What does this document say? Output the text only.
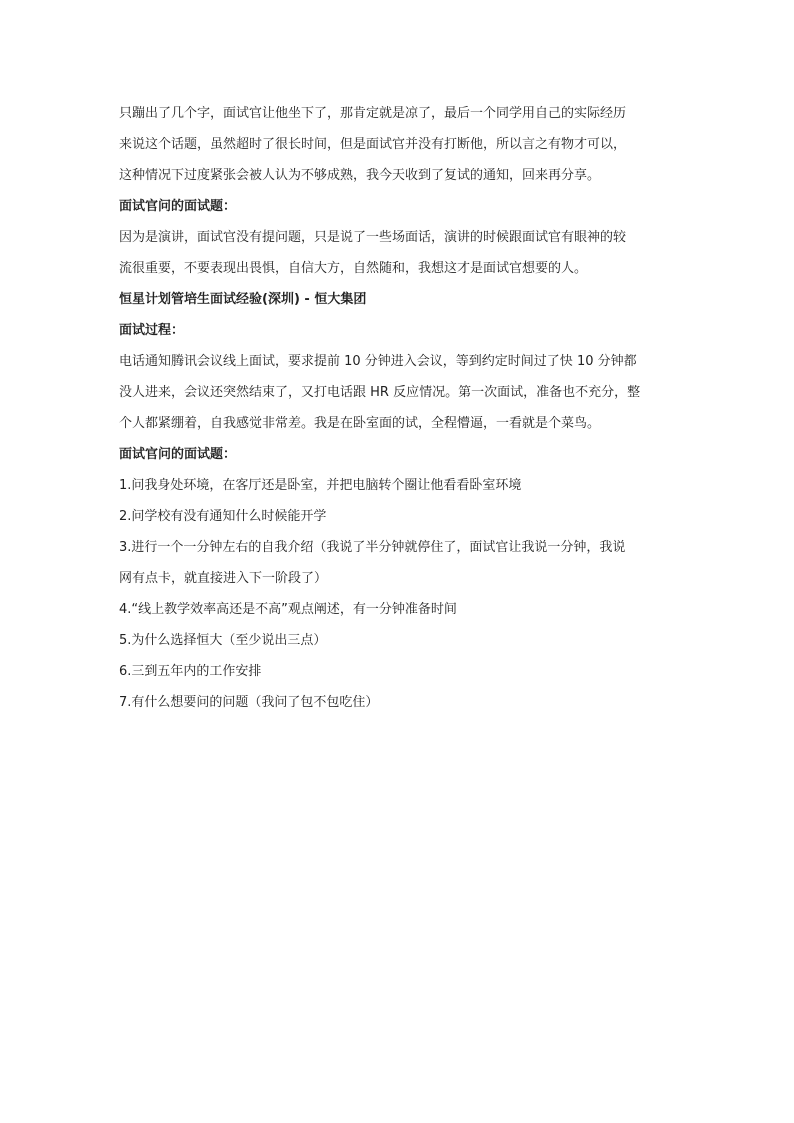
只蹦出了几个字，面试官让他坐下了，那肯定就是凉了，最后一个同学用自己的实际经历

来说这个话题，虽然超时了很长时间，但是面试官并没有打断他，所以言之有物才可以，

这种情况下过度紧张会被人认为不够成熟，我今天收到了复试的通知，回来再分享。

面试官问的面试题：

因为是演讲，面试官没有提问题，只是说了一些场面话，演讲的时候跟面试官有眼神的较

流很重要，不要表现出畏惧，自信大方，自然随和，我想这才是面试官想要的人。

恒星计划管培生面试经验(深圳) - 恒大集团

面试过程：

电话通知腾讯会议线上面试，要求提前 10 分钟进入会议，等到约定时间过了快 10 分钟都

没人进来，会议还突然结束了，又打电话跟 HR 反应情况。第一次面试，准备也不充分，整

个人都紧绷着，自我感觉非常差。我是在卧室面的试，全程懵逼，一看就是个菜鸟。

面试官问的面试题：

1.问我身处环境，在客厅还是卧室，并把电脑转个圈让他看看卧室环境

2.问学校有没有通知什么时候能开学

3.进行一个一分钟左右的自我介绍（我说了半分钟就停住了，面试官让我说一分钟，我说

网有点卡，就直接进入下一阶段了）

4.“线上教学效率高还是不高”观点阐述，有一分钟准备时间

5.为什么选择恒大（至少说出三点）

6.三到五年内的工作安排

7.有什么想要问的问题（我问了包不包吃住）
